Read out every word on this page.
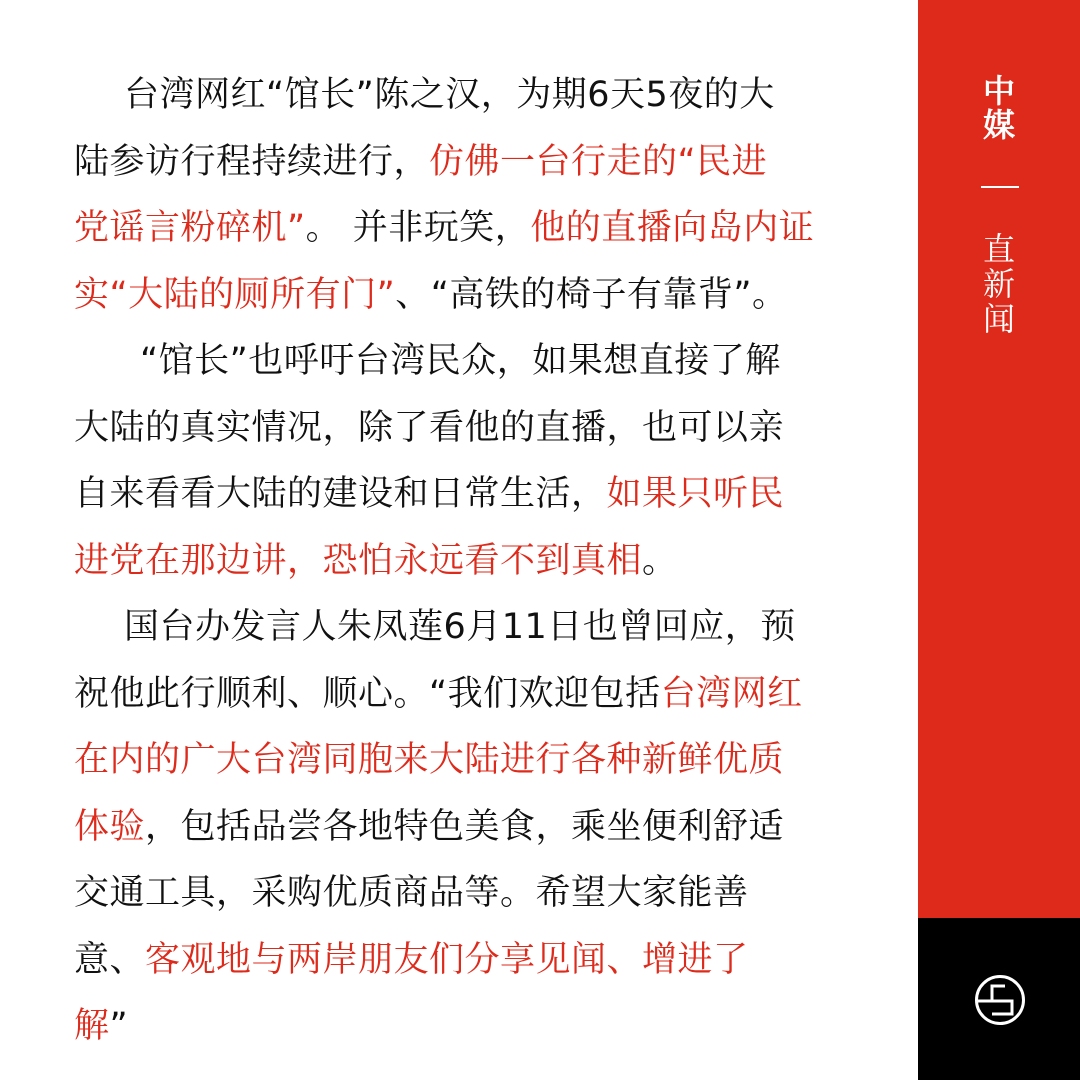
台湾网红“馆长”陈之汉，为期6天5夜的大
陆参访行程持续进行，仿佛一台行走的“民进
党谣言粉碎机”。 并非玩笑，他的直播向岛内证
实“大陆的厕所有门”、“高铁的椅子有靠背”。

“馆长”也呼吁台湾民众，如果想直接了解
大陆的真实情况，除了看他的直播，也可以亲
自来看看大陆的建设和日常生活，如果只听民
进党在那边讲，恐怕永远看不到真相。

国台办发言人朱凤莲6月11日也曾回应，预
祝他此行顺利、顺心。“我们欢迎包括台湾网红
在内的广大台湾同胞来大陆进行各种新鲜优质
体验，包括品尝各地特色美食，乘坐便利舒适
交通工具，采购优质商品等。希望大家能善
意、客观地与两岸朋友们分享见闻、增进了
解”

中
媒
直
新
闻
